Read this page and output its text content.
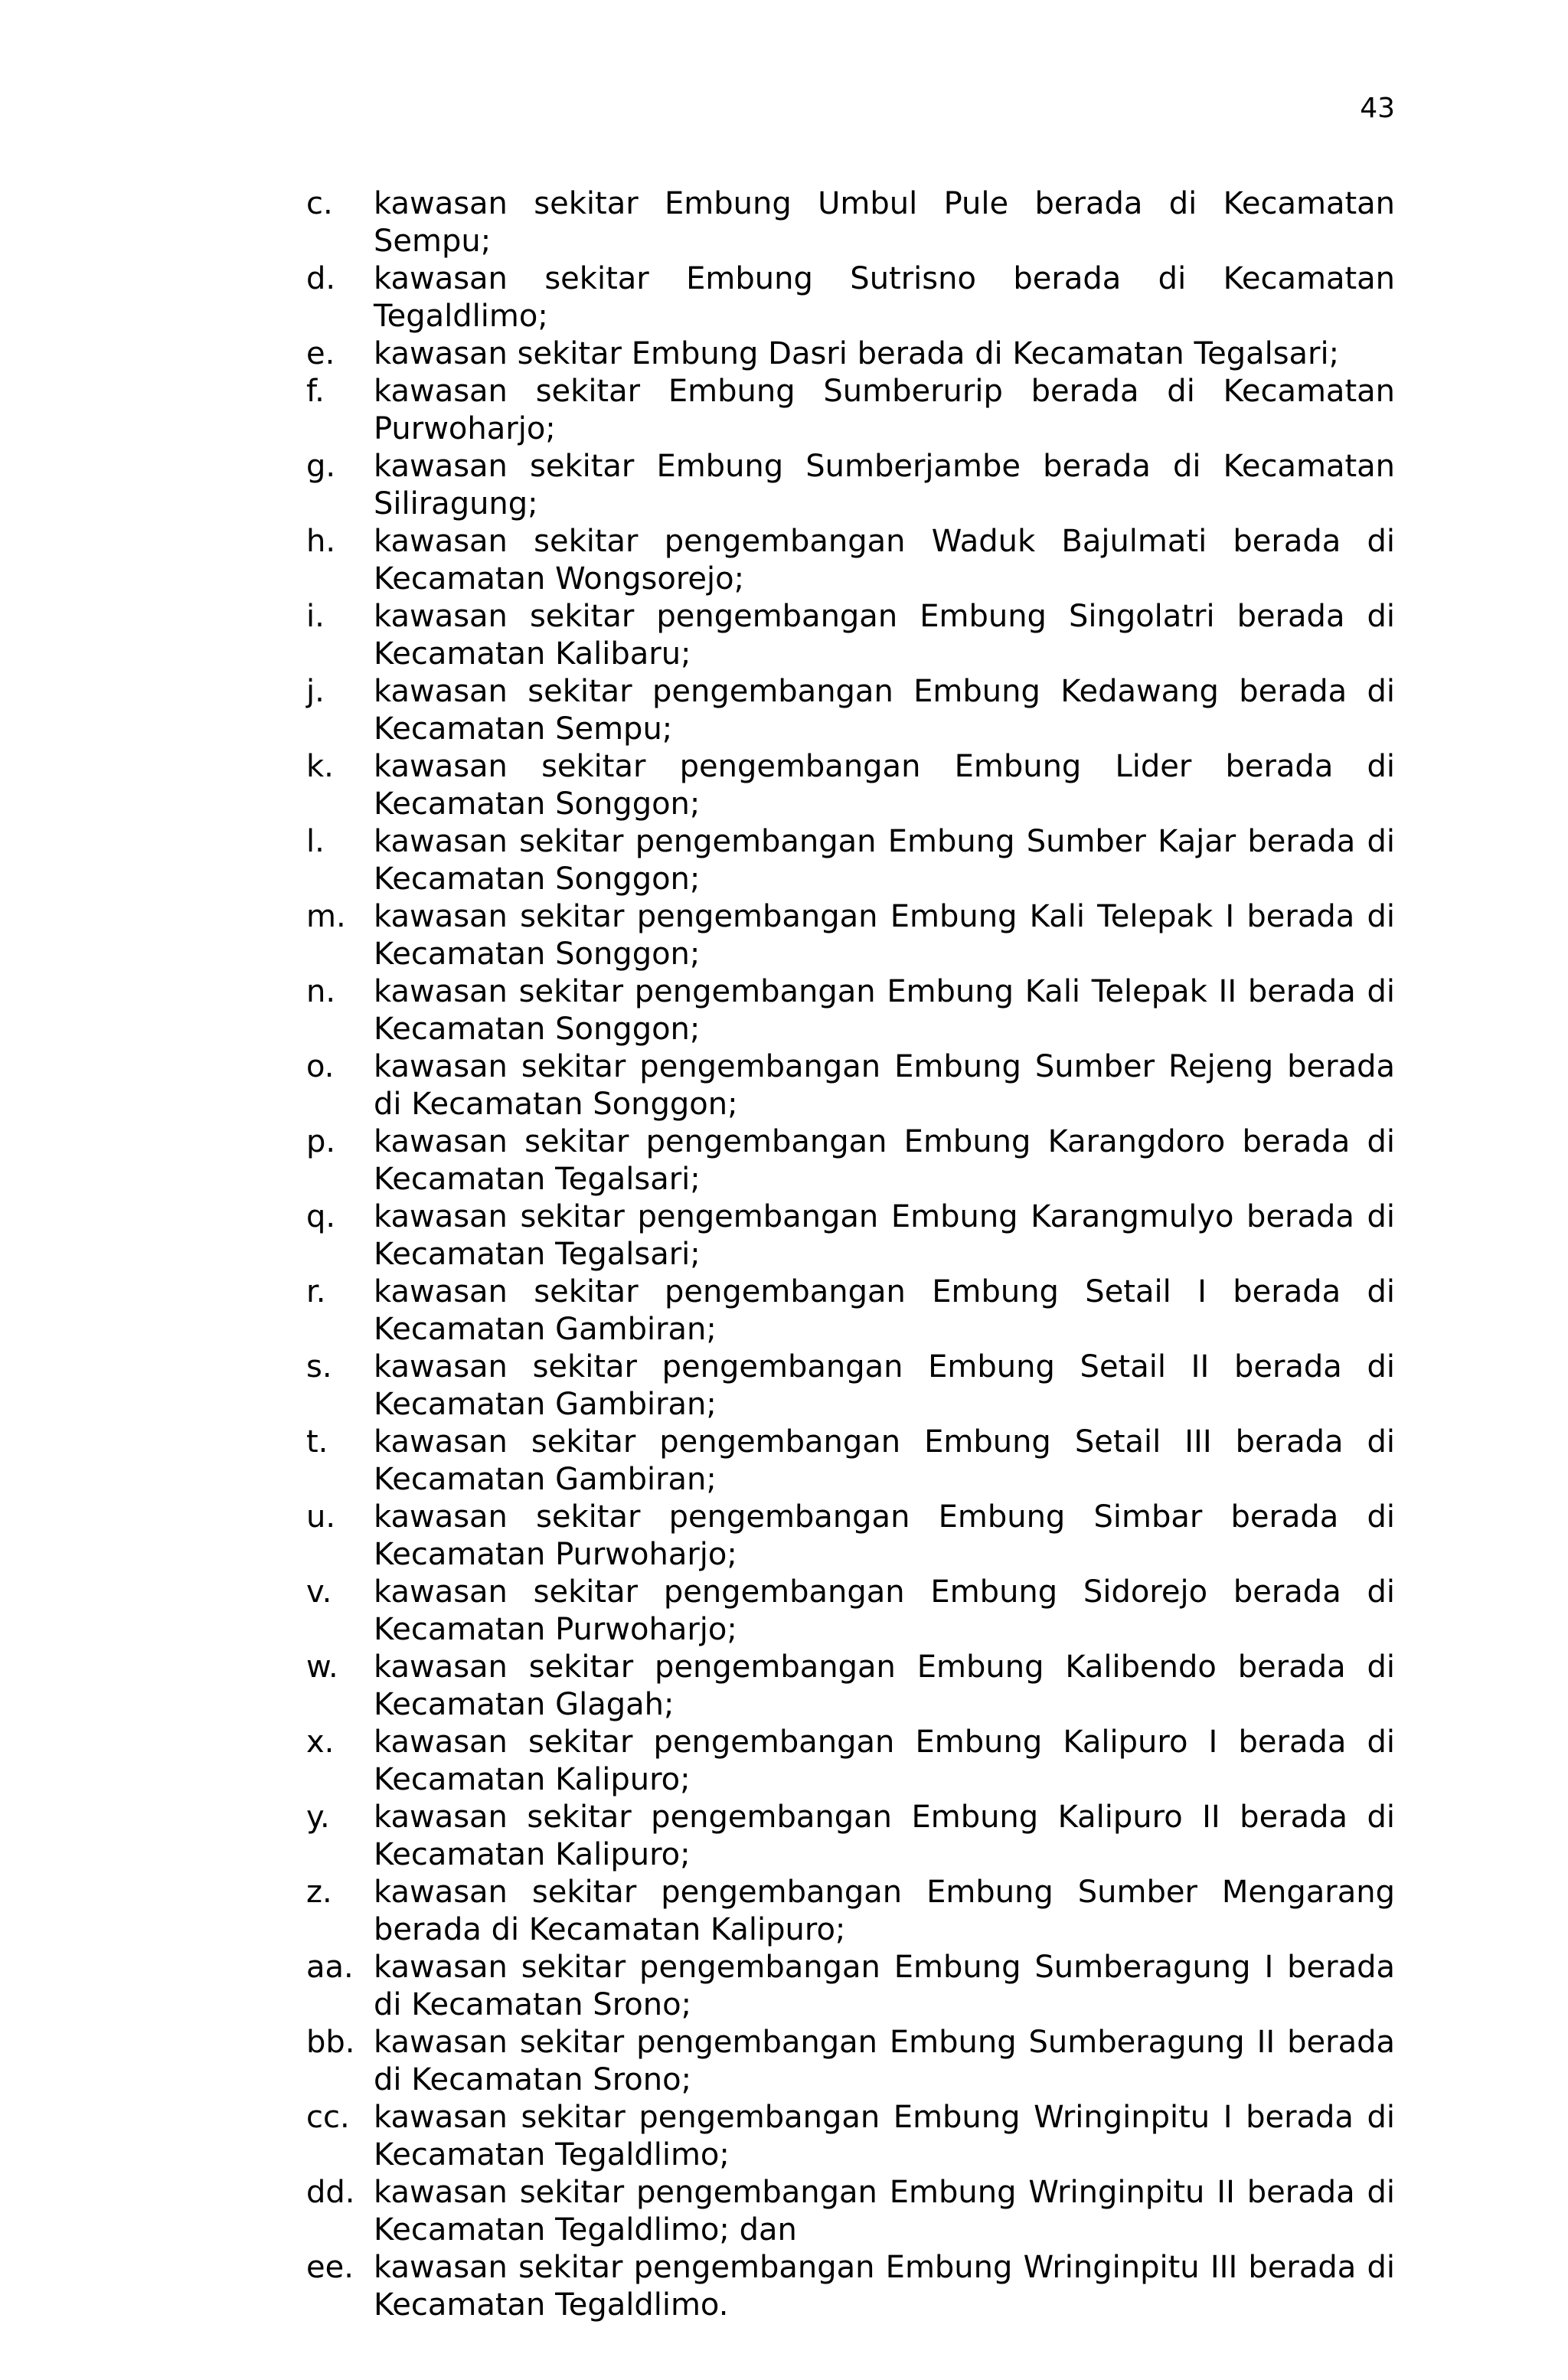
43
c.	kawasan sekitar Embung Umbul Pule berada di Kecamatan Sempu;
d.	kawasan sekitar Embung Sutrisno berada di Kecamatan Tegaldlimo;
e.	kawasan sekitar Embung Dasri berada di Kecamatan Tegalsari;
f.	kawasan sekitar Embung Sumberurip berada di Kecamatan Purwoharjo;
g.	kawasan sekitar Embung Sumberjambe berada di Kecamatan Siliragung;
h.	kawasan sekitar pengembangan Waduk Bajulmati berada di Kecamatan Wongsorejo;
i.	kawasan sekitar pengembangan Embung Singolatri berada di Kecamatan Kalibaru;
j.	kawasan sekitar pengembangan Embung Kedawang berada di Kecamatan Sempu;
k.	kawasan sekitar pengembangan Embung Lider berada di Kecamatan Songgon;
l.	kawasan sekitar pengembangan Embung Sumber Kajar berada di Kecamatan Songgon;
m. kawasan sekitar pengembangan Embung Kali Telepak I berada di Kecamatan Songgon;
n.	kawasan sekitar pengembangan Embung Kali Telepak II berada di Kecamatan Songgon;
o.	kawasan sekitar pengembangan Embung Sumber Rejeng berada di Kecamatan Songgon;
p.	kawasan sekitar pengembangan Embung Karangdoro berada di Kecamatan Tegalsari;
q.	kawasan sekitar pengembangan Embung Karangmulyo berada di Kecamatan Tegalsari;
r.	kawasan sekitar pengembangan Embung Setail I berada di Kecamatan Gambiran;
s.	kawasan sekitar pengembangan Embung Setail II berada di Kecamatan Gambiran;
t.	kawasan sekitar pengembangan Embung Setail III berada di Kecamatan Gambiran;
u.	kawasan sekitar pengembangan Embung Simbar berada di Kecamatan Purwoharjo;
v.	kawasan sekitar pengembangan Embung Sidorejo berada di Kecamatan Purwoharjo;
w.	kawasan sekitar pengembangan Embung Kalibendo berada di Kecamatan Glagah;
x.	kawasan sekitar pengembangan Embung Kalipuro I berada di Kecamatan Kalipuro;
y.	kawasan sekitar pengembangan Embung Kalipuro II berada di Kecamatan Kalipuro;
z.	kawasan sekitar pengembangan Embung Sumber Mengarang berada di Kecamatan Kalipuro;
aa. kawasan sekitar pengembangan Embung Sumberagung I berada di Kecamatan Srono;
bb. kawasan sekitar pengembangan Embung Sumberagung II berada di Kecamatan Srono;
cc. kawasan sekitar pengembangan Embung Wringinpitu I berada di Kecamatan Tegaldlimo;
dd. kawasan sekitar pengembangan Embung Wringinpitu II berada di Kecamatan Tegaldlimo; dan
ee. kawasan sekitar pengembangan Embung Wringinpitu III berada di Kecamatan Tegaldlimo.
